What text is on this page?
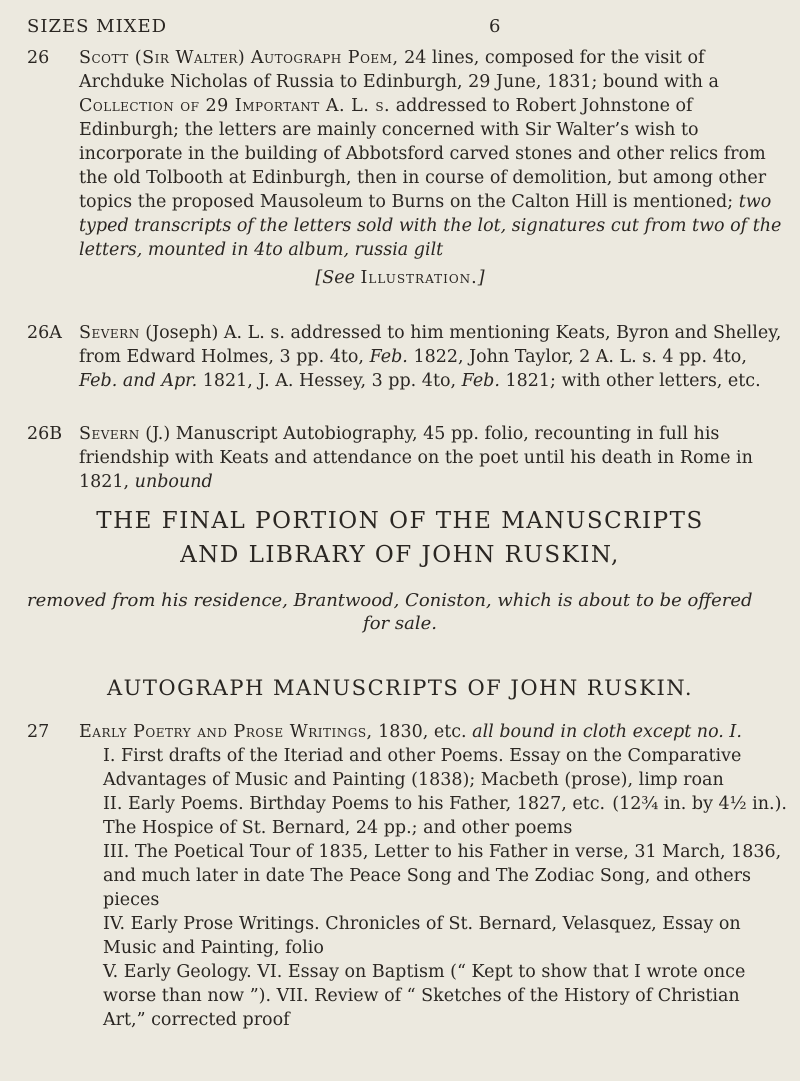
SIZES MIXED	6
26	Scott (Sir Walter) Autograph Poem, 24 lines, composed for the visit of Archduke Nicholas of Russia to Edinburgh, 29 June, 1831; bound with a Collection of 29 Important A. L. s. addressed to Robert Johnstone of Edinburgh; the letters are mainly concerned with Sir Walter’s wish to incorporate in the building of Abbotsford carved stones and other relics from the old Tolbooth at Edinburgh, then in course of demolition, but among other topics the proposed Mausoleum to Burns on the Calton Hill is mentioned; two typed transcripts of the letters sold with the lot, signatures cut from two of the letters, mounted in 4to album, russia gilt
[See Illustration.]
26A Severn (Joseph) A. L. s. addressed to him mentioning Keats, Byron and Shelley, from Edward Holmes, 3 pp. 4to, Feb. 1822, John Taylor, 2 A. L. s. 4 pp. 4to, Feb. and Apr. 1821, J. A. Hessey, 3 pp. 4to, Feb. 1821; with other letters, etc.
26B Severn (J.) Manuscript Autobiography, 45 pp. folio, recounting in full his friendship with Keats and attendance on the poet until his death in Rome in 1821, unbound
THE FINAL PORTION OF THE MANUSCRIPTS
AND LIBRARY OF JOHN RUSKIN,
removed from his residence, Brantwood, Coniston, which is about to be offered
for sale.
AUTOGRAPH MANUSCRIPTS OF JOHN RUSKIN.
27	Early Poetry and Prose Writings, 1830, etc. all bound in cloth except no. I.
I. First drafts of the Iteriad and other Poems. Essay on the Comparative Advantages of Music and Painting (1838); Macbeth (prose), limp roan
(12¾ in. by 4½ in.).
II. Early Poems. Birthday Poems to his Father, 1827, etc. The Hospice of St. Bernard, 24 pp.; and other poems
III. The Poetical Tour of 1835, Letter to his Father in verse, 31 March, 1836, and much later in date The Peace Song and The Zodiac Song, and others pieces
IV. Early Prose Writings. Chronicles of St. Bernard, Velasquez, Essay on Music and Painting, folio
V. Early Geology. VI. Essay on Baptism (“ Kept to show that I wrote once worse than now ”). VII. Review of “ Sketches of the History of Christian Art,” corrected proof
